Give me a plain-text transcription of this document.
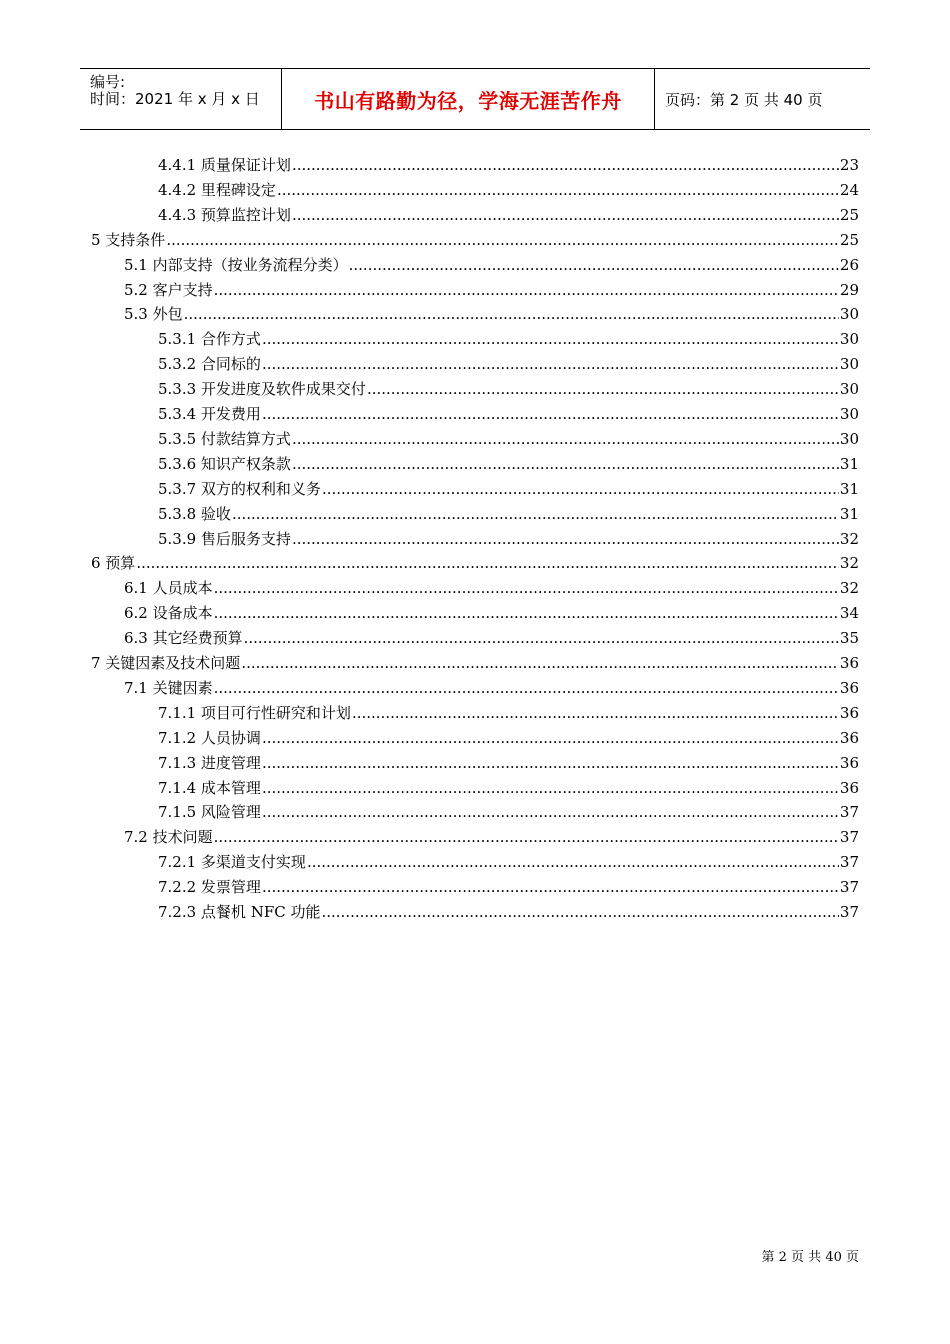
编号:
时间：2021 年 x 月 x 日	书山有路勤为径，学海无涯苦作舟	页码：第 2 页 共 40 页
4.4.1 质量保证计划 .....	23
4.4.2 里程碑设定 .....	24
4.4.3 预算监控计划 .....	25
5 支持条件 .....	25
5.1 内部支持（按业务流程分类） .....	26
5.2 客户支持 .....	29
5.3 外包 .....	30
5.3.1 合作方式 .....	30
5.3.2 合同标的 .....	30
5.3.3 开发进度及软件成果交付 .....	30
5.3.4 开发费用 .....	30
5.3.5 付款结算方式 .....	30
5.3.6 知识产权条款 .....	31
5.3.7 双方的权利和义务 .....	31
5.3.8 验收 .....	31
5.3.9 售后服务支持 .....	32
6 预算 .....	32
6.1 人员成本 .....	32
6.2 设备成本 .....	34
6.3 其它经费预算 .....	35
7 关键因素及技术问题 .....	36
7.1 关键因素 .....	36
7.1.1 项目可行性研究和计划 .....	36
7.1.2 人员协调 .....	36
7.1.3 进度管理 .....	36
7.1.4 成本管理 .....	36
7.1.5 风险管理 .....	37
7.2 技术问题 .....	37
7.2.1 多渠道支付实现 .....	37
7.2.2 发票管理 .....	37
7.2.3 点餐机 NFC 功能 .....	37
第 2 页 共 40 页
